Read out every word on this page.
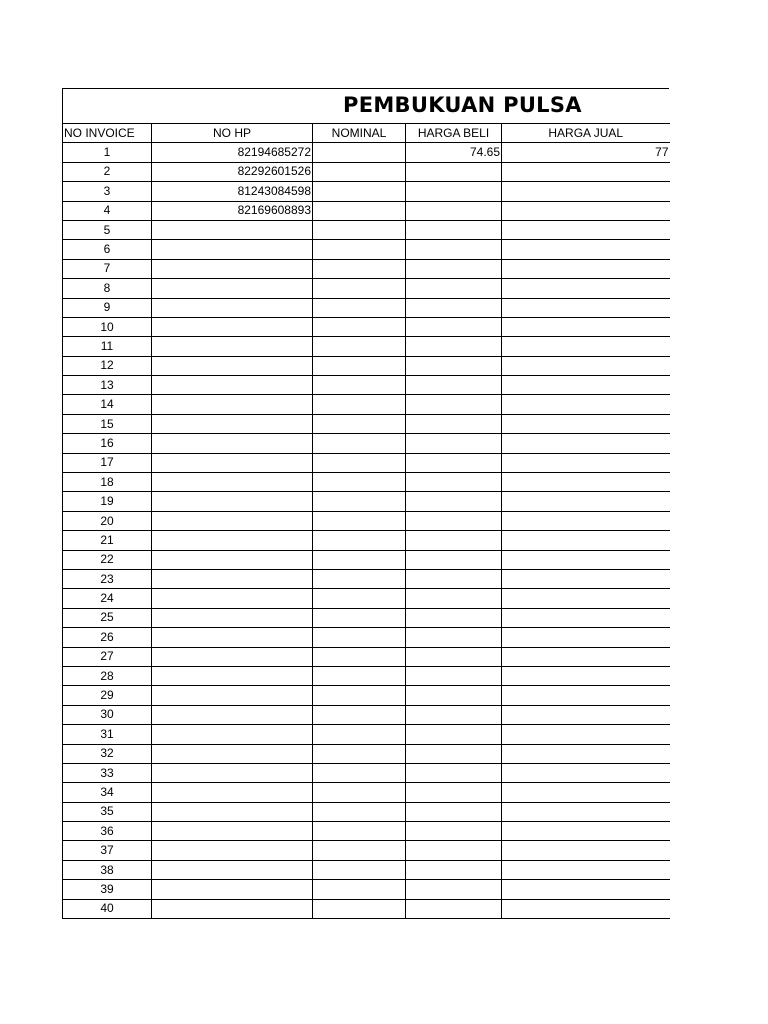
PEMBUKUAN PULSA
NO INVOICE	NO HP	NOMINAL	HARGA BELI	HARGA JUAL
1	82194685272		74.65	77
2	82292601526			
3	81243084598			
4	82169608893			
5				
6				
7				
8				
9				
10				
11				
12				
13				
14				
15				
16				
17				
18				
19				
20				
21				
22				
23				
24				
25				
26				
27				
28				
29				
30				
31				
32				
33				
34				
35				
36				
37				
38				
39				
40				
